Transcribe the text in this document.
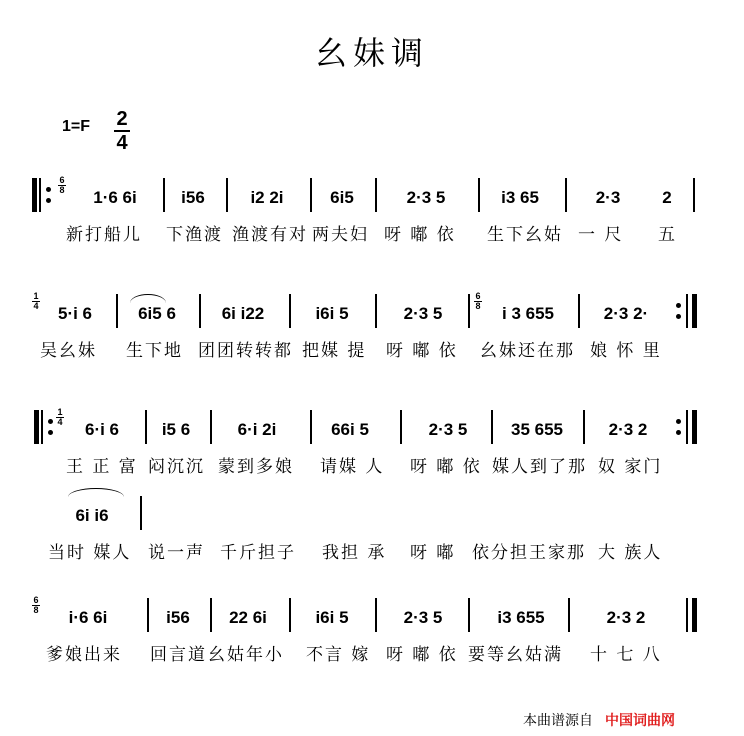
幺妹调
1=F 2
4
6
8	1·6 6i	i56	i2 2i	6i5	2·3 5	i3 65	2·3	2
新打船儿 下渔渡 渔渡有对 两夫妇 呀 嘟 依 生下幺姑 一 尺 五
1
4	5·i 6	6i5 6	6i i22	i6i 5	2·3 5
6
8	i 3 655	2·3 2·
吴幺妹 生下地 团团转转都 把媒 提 呀 嘟 依 幺妹还在那 娘 怀 里
1
4	6·i 6	i5 6	6·i 2i	66i 5	2·3 5	35 655	2·3 2
王 正 富 闷沉沉 蒙到多娘 请媒 人 呀 嘟 依 媒人到了那 奴 家门
6i i6
当时 媒人 说一声 千斤担子 我担 承 呀 嘟 依分担王家那 大 族人
6
8	i·6 6i	i56	22 6i	i6i 5	2·3 5	i3 655	2·3 2
爹娘出来 回言道 幺姑年小 不言 嫁 呀 嘟 依 要等幺姑满 十 七 八
本曲谱源自 中国词曲网
